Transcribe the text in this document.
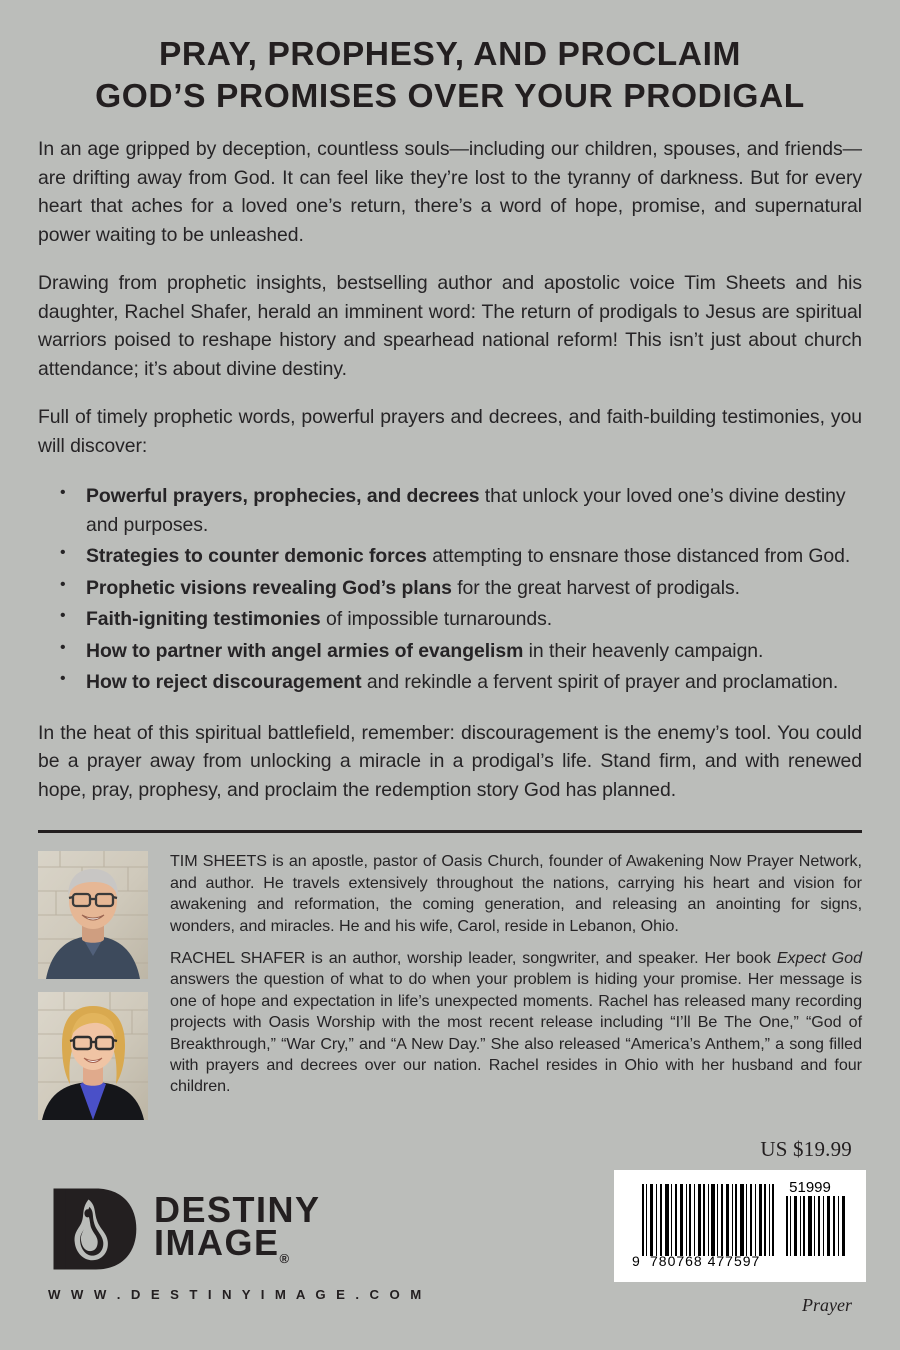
PRAY, PROPHESY, AND PROCLAIM
GOD’S PROMISES OVER YOUR PRODIGAL

In an age gripped by deception, countless souls—including our children, spouses, and friends—are drifting away from God. It can feel like they’re lost to the tyranny of darkness. But for every heart that aches for a loved one’s return, there’s a word of hope, promise, and supernatural power waiting to be unleashed.

Drawing from prophetic insights, bestselling author and apostolic voice Tim Sheets and his daughter, Rachel Shafer, herald an imminent word: The return of prodigals to Jesus are spiritual warriors poised to reshape history and spearhead national reform! This isn’t just about church attendance; it’s about divine destiny.

Full of timely prophetic words, powerful prayers and decrees, and faith-building testimonies, you will discover:

• Powerful prayers, prophecies, and decrees that unlock your loved one’s divine destiny and purposes.
• Strategies to counter demonic forces attempting to ensnare those distanced from God.
• Prophetic visions revealing God’s plans for the great harvest of prodigals.
• Faith-igniting testimonies of impossible turnarounds.
• How to partner with angel armies of evangelism in their heavenly campaign.
• How to reject discouragement and rekindle a fervent spirit of prayer and proclamation.

In the heat of this spiritual battlefield, remember: discouragement is the enemy’s tool. You could be a prayer away from unlocking a miracle in a prodigal’s life. Stand firm, and with renewed hope, pray, prophesy, and proclaim the redemption story God has planned.

TIM SHEETS is an apostle, pastor of Oasis Church, founder of Awakening Now Prayer Network, and author. He travels extensively throughout the nations, carrying his heart and vision for awakening and reformation, the coming generation, and releasing an anointing for signs, wonders, and miracles. He and his wife, Carol, reside in Lebanon, Ohio.

RACHEL SHAFER is an author, worship leader, songwriter, and speaker. Her book Expect God answers the question of what to do when your problem is hiding your promise. Her message is one of hope and expectation in life’s unexpected moments. Rachel has released many recording projects with Oasis Worship with the most recent release including “I’ll Be The One,” “God of Breakthrough,” “War Cry,” and “A New Day.” She also released “America’s Anthem,” a song filled with prayers and decrees over our nation. Rachel resides in Ohio with her husband and four children.

DESTINY
$IMAGE_®$
W W W . D E S T I N Y I M A G E . C O M
US $19.99
51999
9 780768 477597
Prayer
